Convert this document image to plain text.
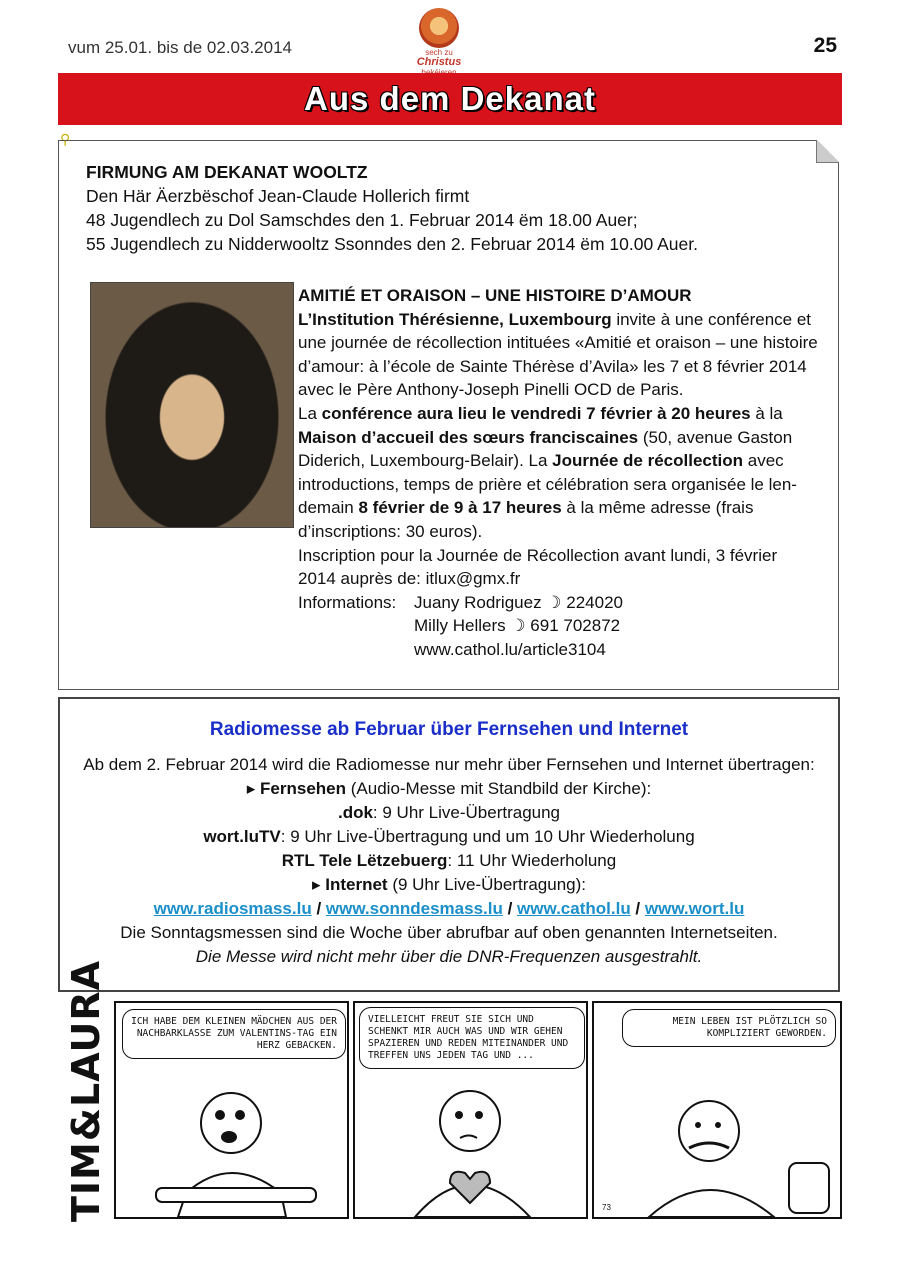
vum 25.01. bis de 02.03.2014	sech zu
Christus
25
Aus dem Dekanat
⚲
FIRMUNG AM DEKANAT WOOLTZ
Den Här Äerzbëschof Jean-Claude Hollerich firmt
48 Jugendlech zu Dol Samschdes den 1. Februar 2014 ëm 18.00 Auer;
55 Jugendlech zu Nidderwooltz Ssonndes den 2. Februar 2014 ëm 10.00 Auer.
AMITIÉ ET ORAISON – UNE HISTOIRE D’AMOUR
L’Institution Thérésienne, Luxembourg invite à une conférence et une journée de récollection intituées «Amitié et oraison – une histoire d’amour: à l’école de Sainte Thérèse d’Avila» les 7 et 8 février 2014 avec le Père Anthony-Joseph Pinelli OCD de Paris.
La conférence aura lieu le vendredi 7 février à 20 heures à la Maison d’accueil des sœurs franciscaines (50, avenue Gaston Diderich, Luxembourg-Belair). La Journée de récollection avec introductions, temps de prière et célébration sera organisée le len-demain 8 février de 9 à 17 heures à la même adresse (frais d’inscriptions: 30 euros).
Inscription pour la Journée de Récollection avant lundi, 3 février 2014 auprès de: itlux@gmx.fr
Informations:	Juany Rodriguez ☽ 224020
Milly Hellers ☽ 691 702872
www.cathol.lu/article3104
Radiomesse ab Februar über Fernsehen und Internet
Ab dem 2. Februar 2014 wird die Radiomesse nur mehr über Fernsehen und Internet übertragen:
▸ Fernsehen (Audio-Messe mit Standbild der Kirche):
.dok: 9 Uhr Live-Übertragung
wort.luTV: 9 Uhr Live-Übertragung und um 10 Uhr Wiederholung
RTL Tele Lëtzebuerg: 11 Uhr Wiederholung
▸ Internet (9 Uhr Live-Übertragung):
www.radiosmass.lu / www.sonndesmass.lu / www.cathol.lu / www.wort.lu
Die Sonntagsmessen sind die Woche über abrufbar auf oben genannten Internetseiten.
Die Messe wird nicht mehr über die DNR-Frequenzen ausgestrahlt.
TIM&LAURA	ICH HABE DEM KLEINEN MÄDCHEN AUS DER NACHBARKLASSE ZUM VALENTINS-TAG EIN HERZ GEBACKEN.
VIELLEICHT FREUT SIE SICH UND SCHENKT MIR AUCH WAS UND WIR GEHEN SPAZIEREN UND REDEN MITEINANDER UND TREFFEN UNS JEDEN TAG UND ...
MEIN LEBEN IST PLÖTZLICH SO KOMPLIZIERT GEWORDEN.
73
